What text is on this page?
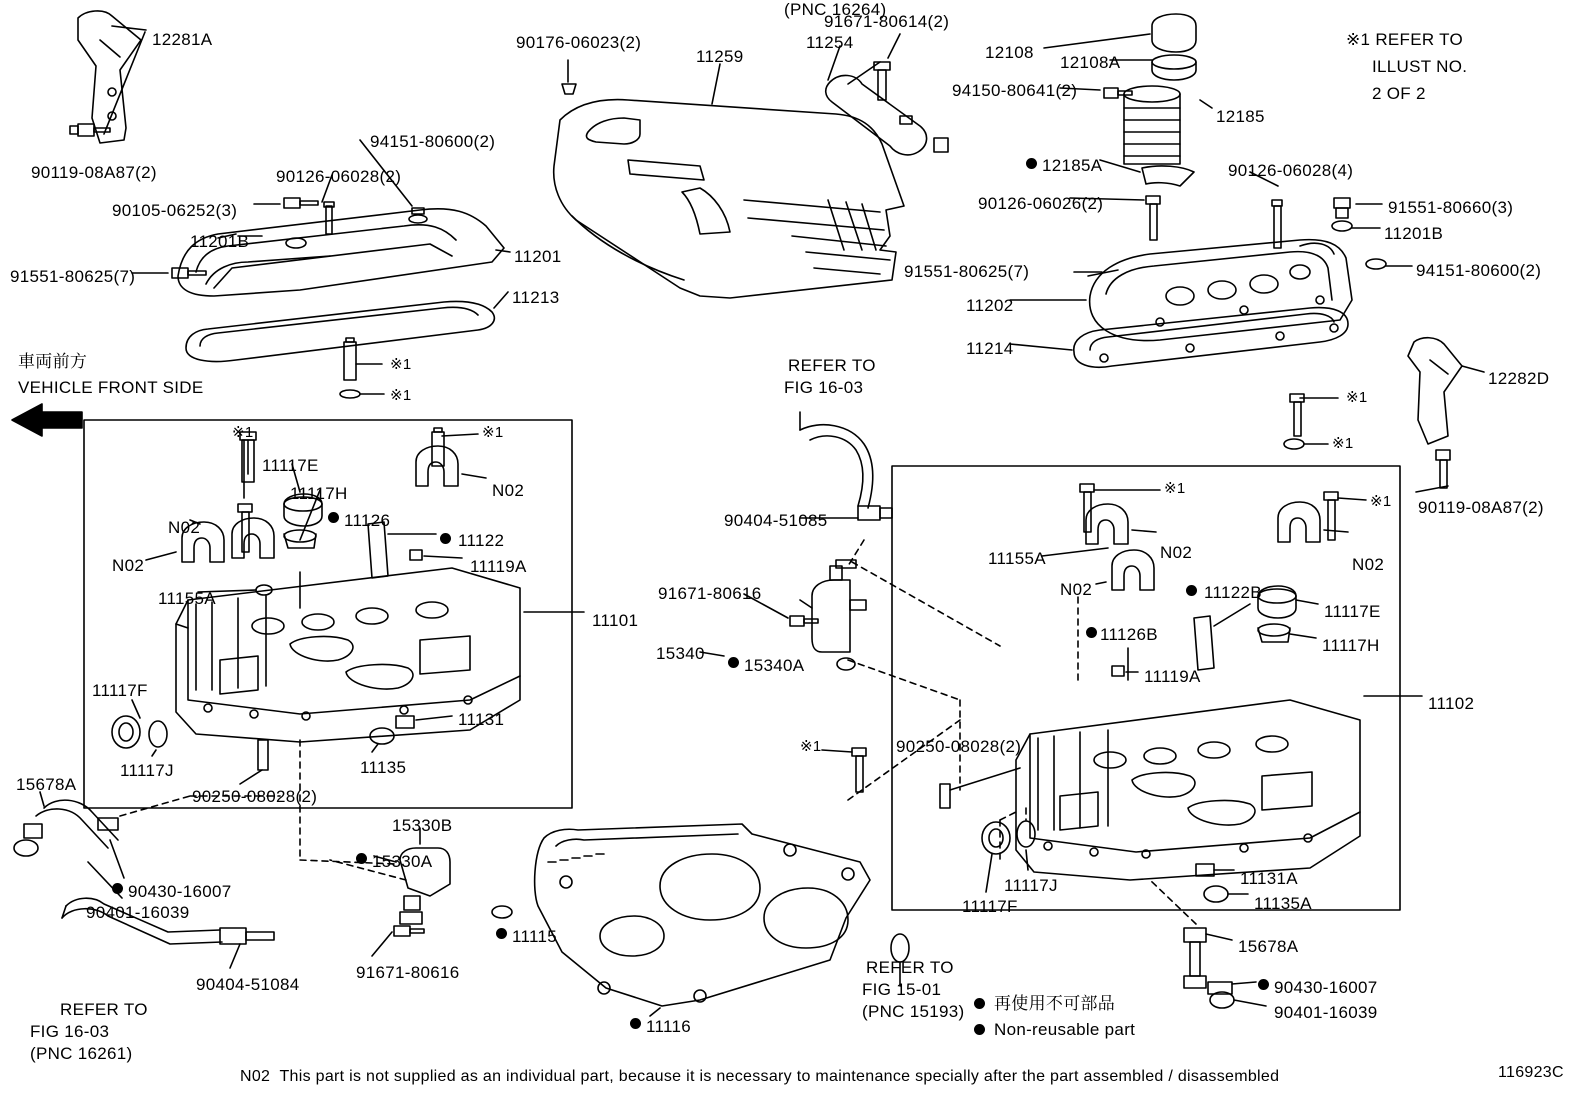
12281A	90176-06023(2)
11259
11254
91671-80614(2)
12108
12108A
94150-80641(2)
12185
12185A
90126-06026(2)
90126-06028(4)
91551-80660(3)
11201B
94151-80600(2)
90119-08A87(2)
94151-80600(2)
90126-06028(2)
90105-06252(3)
11201B
11201
91551-80625(7)
11213
91551-80625(7)
11202
11214
12282D
90119-08A87(2)
90404-51085
11117E
11117H	N02
11126
11122
11119A
N02
N02
11155A
11101
11117F
11117J
11131
11135
90250-08028(2)
15678A
90430-16007
90401-16039
90404-51084
15330B
15330A
91671-80616
11115
11116
91671-80616
15340
15340A
11155A	N02
N02
N02
11122B
11117E
11126B
11117H
11119A
11102
90250-08028(2)
11117J
11117F
11131A
11135A
15678A
90430-16007
90401-16039
※1
※1
※1	※1
※1
※1
※1
※1
※1
※1 REFER TO
ILLUST NO.
2 OF 2
車両前方
VEHICLE FRONT SIDE
REFER TO
FIG 16-03
(PNC 16264)
REFER TO
FIG 16-03
(PNC 16261)
REFER TO
FIG 15-01
(PNC 15193) 再使用不可部品
Non-reusable part
N02  This part is not supplied as an individual part, because it is necessary to maintenance specially after the part assembled / disassembled	116923C
